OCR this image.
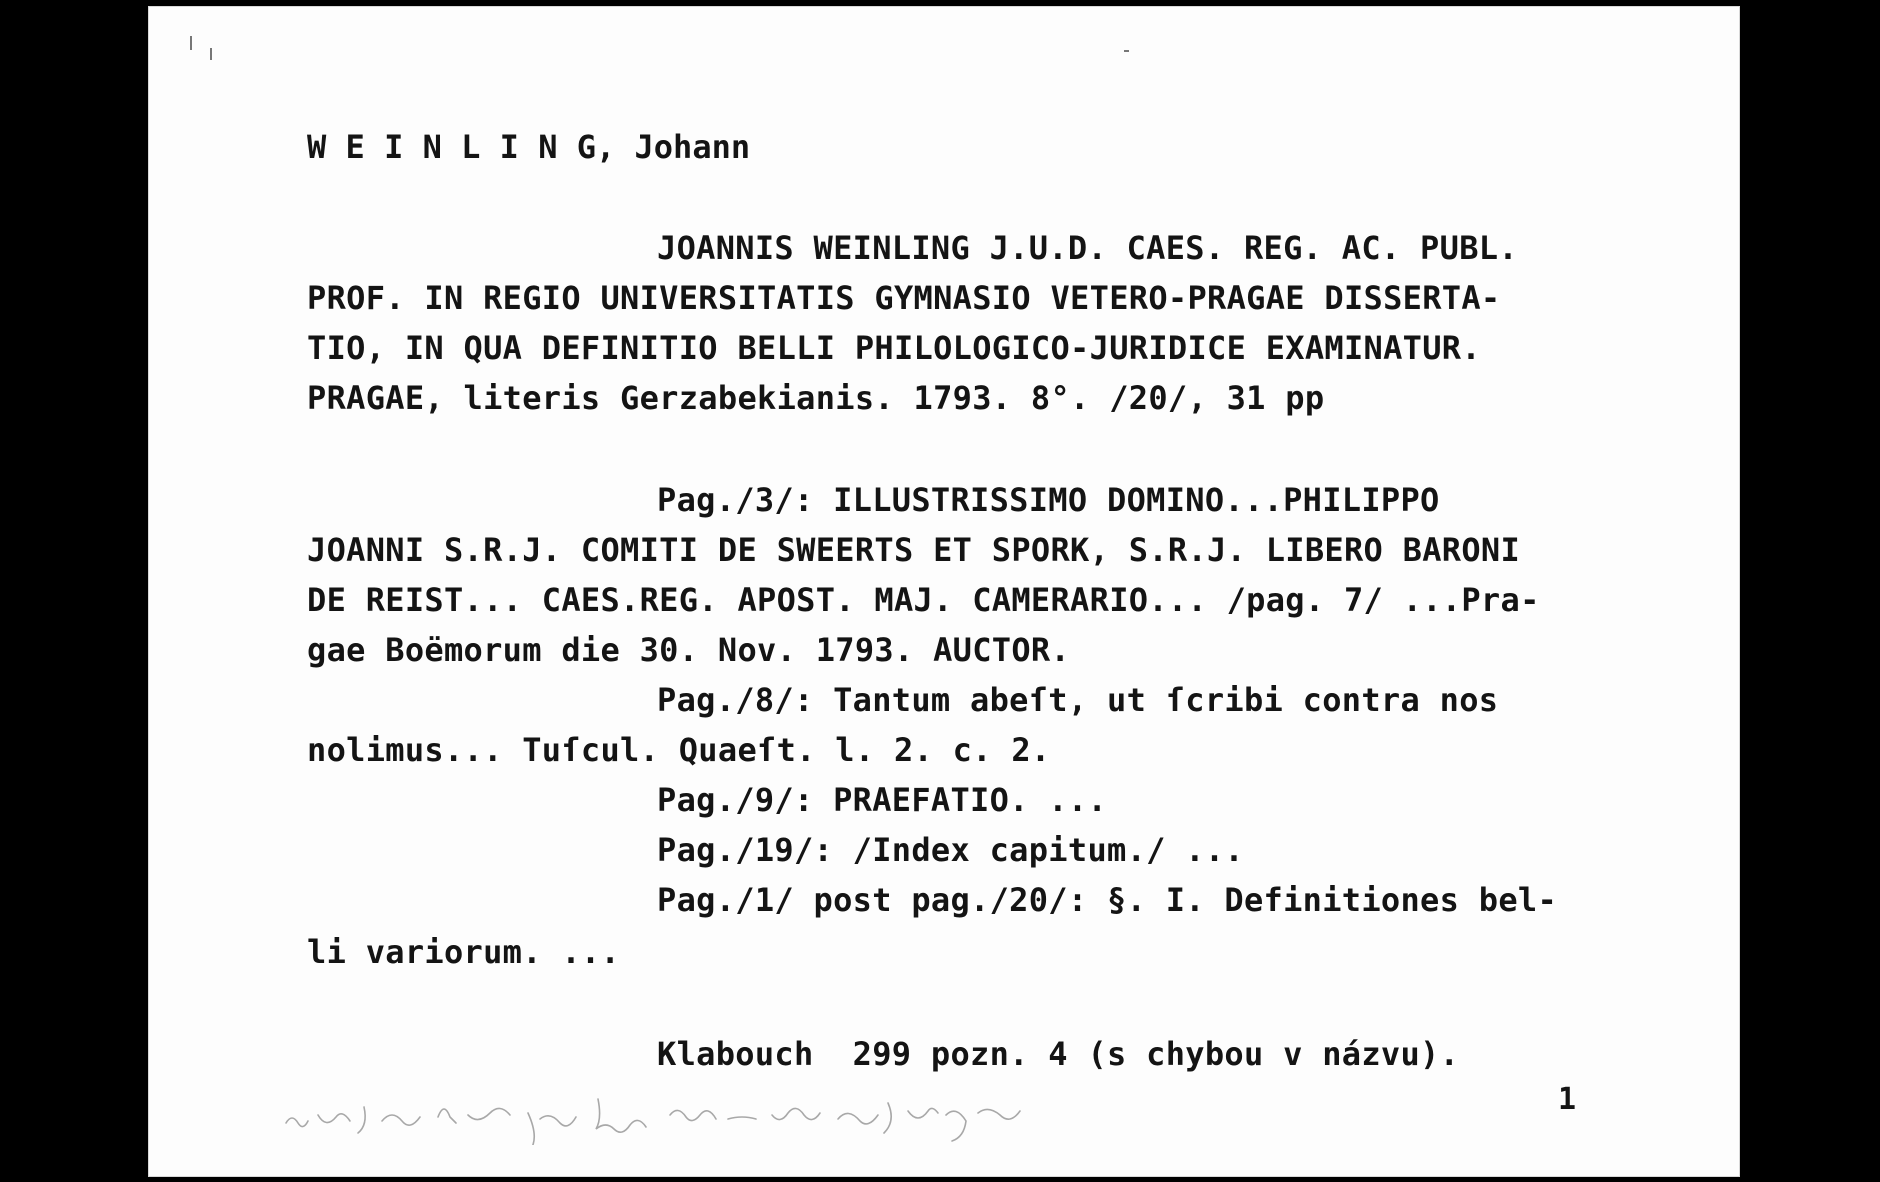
W E I N L I N G, Johann
JOANNIS WEINLING J.U.D. CAES. REG. AC. PUBL.
PROF. IN REGIO UNIVERSITATIS GYMNASIO VETERO-PRAGAE DISSERTA-
TIO, IN QUA DEFINITIO BELLI PHILOLOGICO-JURIDICE EXAMINATUR.
PRAGAE, literis Gerzabekianis. 1793. 8°. /20/, 31 pp
Pag./3/: ILLUSTRISSIMO DOMINO...PHILIPPO
JOANNI S.R.J. COMITI DE SWEERTS ET SPORK, S.R.J. LIBERO BARONI
DE REIST... CAES.REG. APOST. MAJ. CAMERARIO... /pag. 7/ ...Pra-
gae Boëmorum die 30. Nov. 1793. AUCTOR.
Pag./8/: Tantum abeſt, ut ſcribi contra nos
nolimus... Tuſcul. Quaeſt. l. 2. c. 2.
Pag./9/: PRAEFATIO. ...
Pag./19/: /Index capitum./ ...
Pag./1/ post pag./20/: §. I. Definitiones bel-
li variorum. ...
Klabouch  299 pozn. 4 (s chybou v názvu).
1
